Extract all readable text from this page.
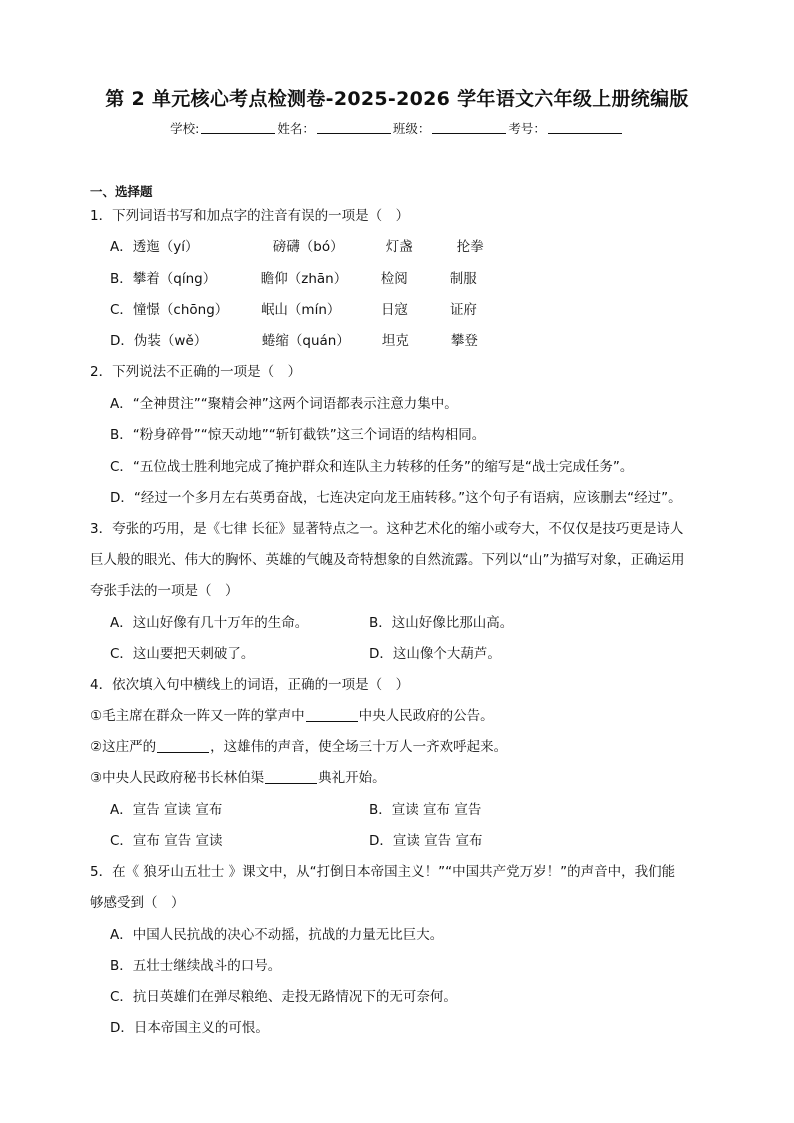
第 2 单元核心考点检测卷-2025-2026 学年语文六年级上册统编版
学校:	姓名：	班级：	考号：
一、选择题
1．下列词语书写和加点字的注音有误的一项是（　）
A．透迤（yí）	磅礴（bó）	灯盏	抡拳
B．攀着（qíng）	瞻仰（zhān） 检阅	制服
C．憧憬（chōng） 岷山（mín）	日寇	证府
D．伪装（wě）	蜷缩（quán） 坦克	攀登
2．下列说法不正确的一项是（　）
A．“全神贯注”“聚精会神”这两个词语都表示注意力集中。
B．“粉身碎骨”“惊天动地”“斩钉截铁”这三个词语的结构相同。
C．“五位战士胜利地完成了掩护群众和连队主力转移的任务”的缩写是“战士完成任务”。
D．“经过一个多月左右英勇奋战，七连决定向龙王庙转移。”这个句子有语病，应该删去“经过”。
3．夸张的巧用，是《七律 长征》显著特点之一。这种艺术化的缩小或夸大，不仅仅是技巧更是诗人
巨人般的眼光、伟大的胸怀、英雄的气魄及奇特想象的自然流露。下列以“山”为描写对象，正确运用
夸张手法的一项是（　）
A．这山好像有几十万年的生命。	B．这山好像比那山高。
C．这山要把天刺破了。	D．这山像个大葫芦。
4．依次填入句中横线上的词语，正确的一项是（　）
①毛主席在群众一阵又一阵的掌声中	中央人民政府的公告。
②这庄严的	，这雄伟的声音，使全场三十万人一齐欢呼起来。
③中央人民政府秘书长林伯渠	典礼开始。
A．宣告 宣读 宣布	B．宣读 宣布 宣告
C．宣布 宣告 宣读	D．宣读 宣告 宣布
5．在《 狼牙山五壮士 》课文中，从“打倒日本帝国主义！”“中国共产党万岁！”的声音中，我们能
够感受到（　）
A．中国人民抗战的决心不动摇，抗战的力量无比巨大。
B．五壮士继续战斗的口号。
C．抗日英雄们在弹尽粮绝、走投无路情况下的无可奈何。
D．日本帝国主义的可恨。
